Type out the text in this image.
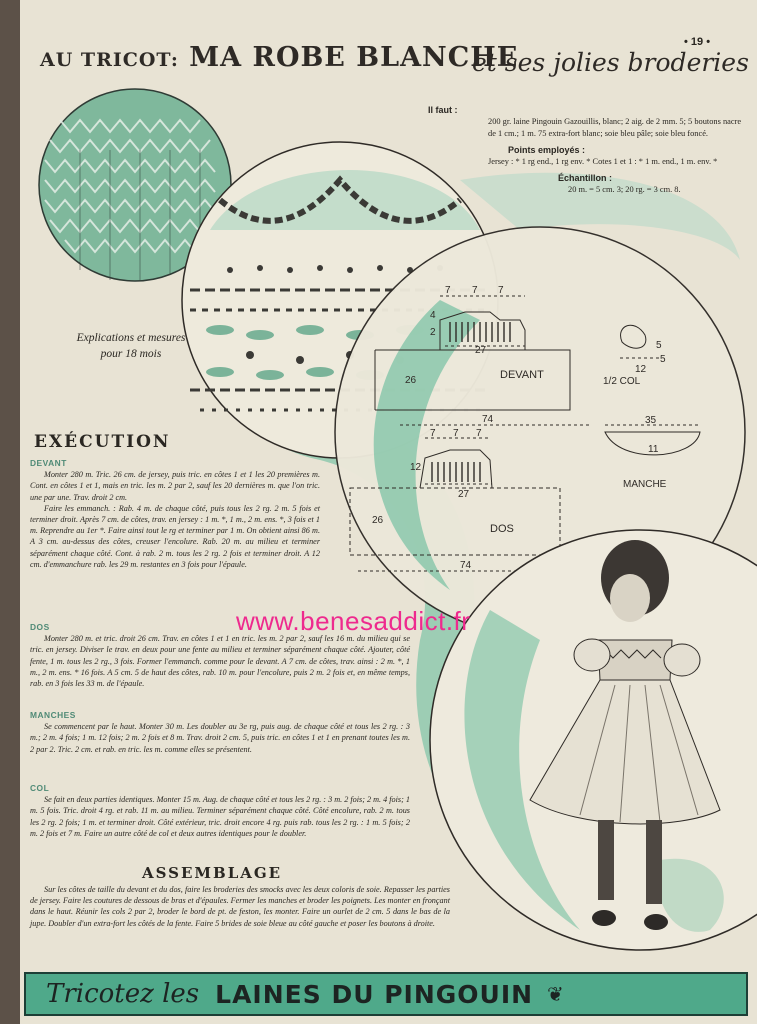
DEVANT
DOS
MANCHE
1/2 COL
7 7 7
27
26
74
2
4
7 7 7
27
26
74
12
35
11
12
5
5
• 19 •
AU TRICOT: MA ROBE BLANCHE
et ses jolies broderies
Il faut :

200 gr. laine Pingouin Gazouillis, blanc; 2 aig. de 2 mm. 5; 5 boutons nacre de 1 cm.; 1 m. 75 extra-fort blanc; soie bleu pâle; soie bleu foncé.

Points employés :

Jersey : * 1 rg end., 1 rg env. * Cotes 1 et 1 : * 1 m. end., 1 m. env. *

Échantillon :

20 m. = 5 cm. 3; 20 rg. = 3 cm. 8.

Explications et mesures pour 18 mois
EXÉCUTION
DEVANT

Monter 280 m. Tric. 26 cm. de jersey, puis tric. en côtes 1 et 1 les 20 premières m. Cont. en côtes 1 et 1, mais en tric. les m. 2 par 2, sauf les 20 dernières m. que l'on tric. une par une. Trav. droit 2 cm.

Faire les emmanch. : Rab. 4 m. de chaque côté, puis tous les 2 rg. 2 m. 5 fois et terminer droit. Après 7 cm. de côtes, trav. en jersey : 1 m. *, 1 m., 2 m. ens. *, 3 fois et 1 m. Reprendre au 1er *. Faire ainsi tout le rg et terminer par 1 m. On obtient ainsi 86 m. A 3 cm. au-dessus des côtes, creuser l'encolure. Rab. 20 m. au milieu et terminer séparément chaque côté. Cont. à rab. 2 m. tous les 2 rg. 2 fois et terminer droit. A 12 cm. d'emmanchure rab. les 29 m. restantes en 3 fois pour l'épaule.

DOS

Monter 280 m. et tric. droit 26 cm. Trav. en côtes 1 et 1 en tric. les m. 2 par 2, sauf les 16 m. du milieu qui se tric. en jersey. Diviser le trav. en deux pour une fente au milieu et terminer séparément chaque côté. Ajouter, côté fente, 1 m. tous les 2 rg., 3 fois. Former l'emmanch. comme pour le devant. A 7 cm. de côtes, trav. ainsi : 2 m. *, 1 m., 2 m. ens. * 16 fois. A 5 cm. 5 de haut des côtes, rab. 10 m. pour l'encolure, puis 2 m. 2 fois et, en même temps, rab. en 3 fois les 33 m. de l'épaule.

MANCHES

Se commencent par le haut. Monter 30 m. Les doubler au 3e rg, puis aug. de chaque côté et tous les 2 rg. : 3 m.; 2 m. 4 fois; 1 m. 12 fois; 2 m. 2 fois et 8 m. Trav. droit 2 cm. 5, puis tric. en côtes 1 et 1 en prenant toutes les m. 2 par 2. Tric. 2 cm. et rab. en tric. les m. comme elles se présentent.

COL

Se fait en deux parties identiques. Monter 15 m. Aug. de chaque côté et tous les 2 rg. : 3 m. 2 fois; 2 m. 4 fois; 1 m. 5 fois. Tric. droit 4 rg. et rab. 11 m. au milieu. Terminer séparément chaque côté. Côté encolure, rab. 2 m. tous les 2 rg. 2 fois; 1 m. et terminer droit. Côté extérieur, tric. droit encore 4 rg. puis rab. tous les 2 rg. : 1 m. 5 fois; 2 m. 2 fois et 7 m. Faire un autre côté de col et deux autres identiques pour le doubler.

ASSEMBLAGE

Sur les côtes de taille du devant et du dos, faire les broderies des smocks avec les deux coloris de soie. Repasser les parties de jersey. Faire les coutures de dessous de bras et d'épaules. Fermer les manches et broder les poignets. Les monter en fronçant dans le haut. Réunir les cols 2 par 2, broder le bord de pt. de feston, les monter. Faire un ourlet de 2 cm. 5 dans le bas de la jupe. Doubler d'un extra-fort les côtés de la fente. Faire 5 brides de soie bleue au côté gauche et poser les boutons à droite.

www.benesaddict.fr
Tricotez les LAINES DU PINGOUIN ❦
